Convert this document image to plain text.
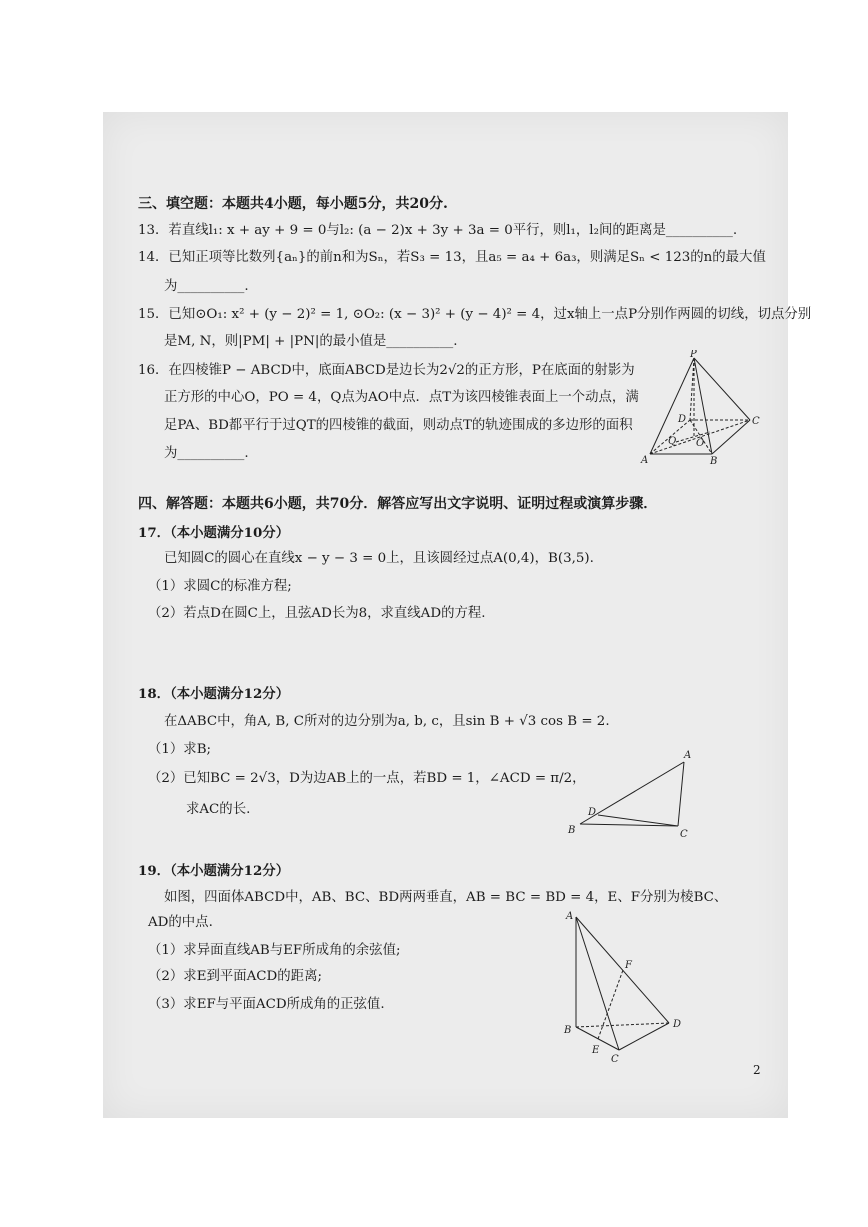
三、填空题：本题共4小题，每小题5分，共20分.
13．若直线l₁: x + ay + 9 = 0与l₂: (a − 2)x + 3y + 3a = 0平行，则l₁，l₂间的距离是__________.
14．已知正项等比数列{aₙ}的前n和为Sₙ，若S₃ = 13，且a₅ = a₄ + 6a₃，则满足Sₙ < 123的n的最大值
为__________.
15．已知⊙O₁: x² + (y − 2)² = 1, ⊙O₂: (x − 3)² + (y − 4)² = 4，过x轴上一点P分别作两圆的切线，切点分别
是M, N，则|PM| + |PN|的最小值是__________.
16．在四棱锥P − ABCD中，底面ABCD是边长为2√2的正方形，P在底面的射影为
正方形的中心O，PO = 4，Q点为AO中点．点T为该四棱锥表面上一个动点，满
足PA、BD都平行于过QT的四棱锥的截面，则动点T的轨迹围成的多边形的面积
为__________.
P
A	B
C
D
O
Q
四、解答题：本题共6小题，共70分．解答应写出文字说明、证明过程或演算步骤．
17．（本小题满分10分）
已知圆C的圆心在直线x − y − 3 = 0上，且该圆经过点A(0,4)，B(3,5).
（1）求圆C的标准方程;
（2）若点D在圆C上，且弦AD长为8，求直线AD的方程.
18．（本小题满分12分）
在ΔABC中，角A, B, C所对的边分别为a, b, c，且sin B + √3 cos B = 2.
（1）求B;
（2）已知BC = 2√3，D为边AB上的一点，若BD = 1，∠ACD = π/2，
求AC的长.
A
B	C
D
19．（本小题满分12分）
如图，四面体ABCD中，AB、BC、BD两两垂直，AB = BC = BD = 4，E、F分别为棱BC、
AD的中点.
（1）求异面直线AB与EF所成角的余弦值;
（2）求E到平面ACD的距离;
（3）求EF与平面ACD所成角的正弦值.
A
B
C
D
E
F
2
